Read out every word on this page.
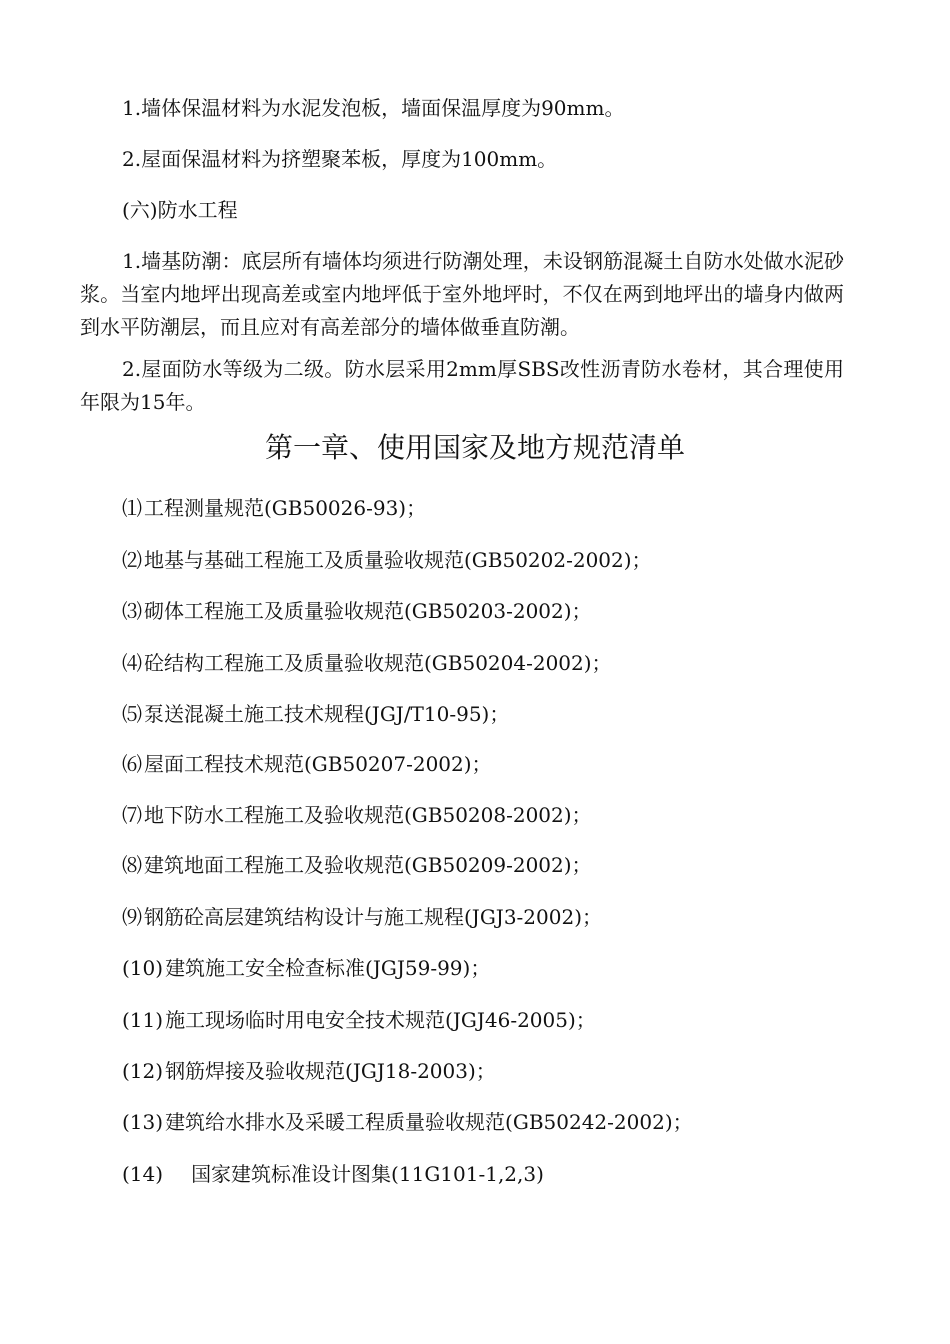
1.墙体保温材料为水泥发泡板，墙面保温厚度为90mm。

2.屋面保温材料为挤塑聚苯板，厚度为100mm。

(六)防水工程

1.墙基防潮：底层所有墙体均须进行防潮处理，未设钢筋混凝土自防水处做水泥砂浆。当室内地坪出现高差或室内地坪低于室外地坪时，不仅在两到地坪出的墙身内做两到水平防潮层，而且应对有高差部分的墙体做垂直防潮。

2.屋面防水等级为二级。防水层采用2mm厚SBS改性沥青防水卷材，其合理使用年限为15年。

第一章、使用国家及地方规范清单

⑴ 工程测量规范(GB50026-93)；

⑵ 地基与基础工程施工及质量验收规范(GB50202-2002)；

⑶ 砌体工程施工及质量验收规范(GB50203-2002)；

⑷ 砼结构工程施工及质量验收规范(GB50204-2002)；

⑸ 泵送混凝土施工技术规程(JGJ/T10-95)；

⑹ 屋面工程技术规范(GB50207-2002)；

⑺ 地下防水工程施工及验收规范(GB50208-2002)；

⑻ 建筑地面工程施工及验收规范(GB50209-2002)；

⑼ 钢筋砼高层建筑结构设计与施工规程(JGJ3-2002)；

(10) 建筑施工安全检查标准(JGJ59-99)；

(11) 施工现场临时用电安全技术规范(JGJ46-2005)；

(12) 钢筋焊接及验收规范(JGJ18-2003)；

(13) 建筑给水排水及采暖工程质量验收规范(GB50242-2002)；

(14) 国家建筑标准设计图集(11G101-1,2,3)
